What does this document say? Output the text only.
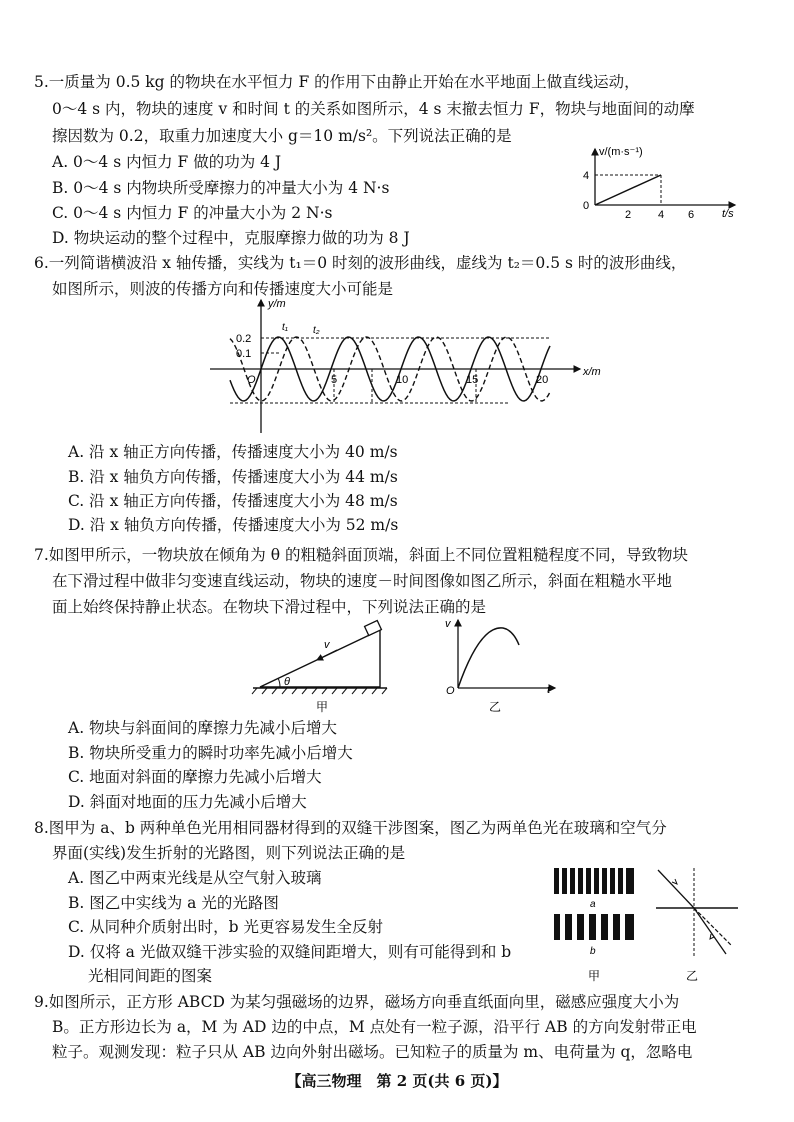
5.一质量为 0.5 kg 的物块在水平恒力 F 的作用下由静止开始在水平地面上做直线运动，
0～4 s 内，物块的速度 v 和时间 t 的关系如图所示，4 s 末撤去恒力 F，物块与地面间的动摩
擦因数为 0.2，取重力加速度大小 g＝10 m/s²。下列说法正确的是
A. 0～4 s 内恒力 F 做的功为 4 J
B. 0～4 s 内物块所受摩擦力的冲量大小为 4 N·s
C. 0～4 s 内恒力 F 的冲量大小为 2 N·s
D. 物块运动的整个过程中，克服摩擦力做的功为 8 J
v/(m·s⁻¹)
t/s
0
4
2 4 6
6.一列简谐横波沿 x 轴传播，实线为 t₁＝0 时刻的波形曲线，虚线为 t₂＝0.5 s 时的波形曲线，
如图所示，则波的传播方向和传播速度大小可能是
y/m
x/m
t₁	t₂
0.2
0.1
O	5	10	15	20
A. 沿 x 轴正方向传播，传播速度大小为 40 m/s
B. 沿 x 轴负方向传播，传播速度大小为 44 m/s
C. 沿 x 轴正方向传播，传播速度大小为 48 m/s
D. 沿 x 轴负方向传播，传播速度大小为 52 m/s
7.如图甲所示，一物块放在倾角为 θ 的粗糙斜面顶端，斜面上不同位置粗糙程度不同，导致物块
在下滑过程中做非匀变速直线运动，物块的速度－时间图像如图乙所示，斜面在粗糙水平地
面上始终保持静止状态。在物块下滑过程中，下列说法正确的是
v
θ
甲
v
O	t
乙
A. 物块与斜面间的摩擦力先减小后增大
B. 物块所受重力的瞬时功率先减小后增大
C. 地面对斜面的摩擦力先减小后增大
D. 斜面对地面的压力先减小后增大
8.图甲为 a、b 两种单色光用相同器材得到的双缝干涉图案，图乙为两单色光在玻璃和空气分
界面(实线)发生折射的光路图，则下列说法正确的是
A. 图乙中两束光线是从空气射入玻璃
B. 图乙中实线为 a 光的光路图
C. 从同种介质射出时，b 光更容易发生全反射
D. 仅将 a 光做双缝干涉实验的双缝间距增大，则有可能得到和 b
光相同间距的图案
a
b
甲	乙
9.如图所示，正方形 ABCD 为某匀强磁场的边界，磁场方向垂直纸面向里，磁感应强度大小为
B。正方形边长为 a，M 为 AD 边的中点，M 点处有一粒子源，沿平行 AB 的方向发射带正电
粒子。观测发现：粒子只从 AB 边向外射出磁场。已知粒子的质量为 m、电荷量为 q，忽略电
【高三物理　第 2 页(共 6 页)】
